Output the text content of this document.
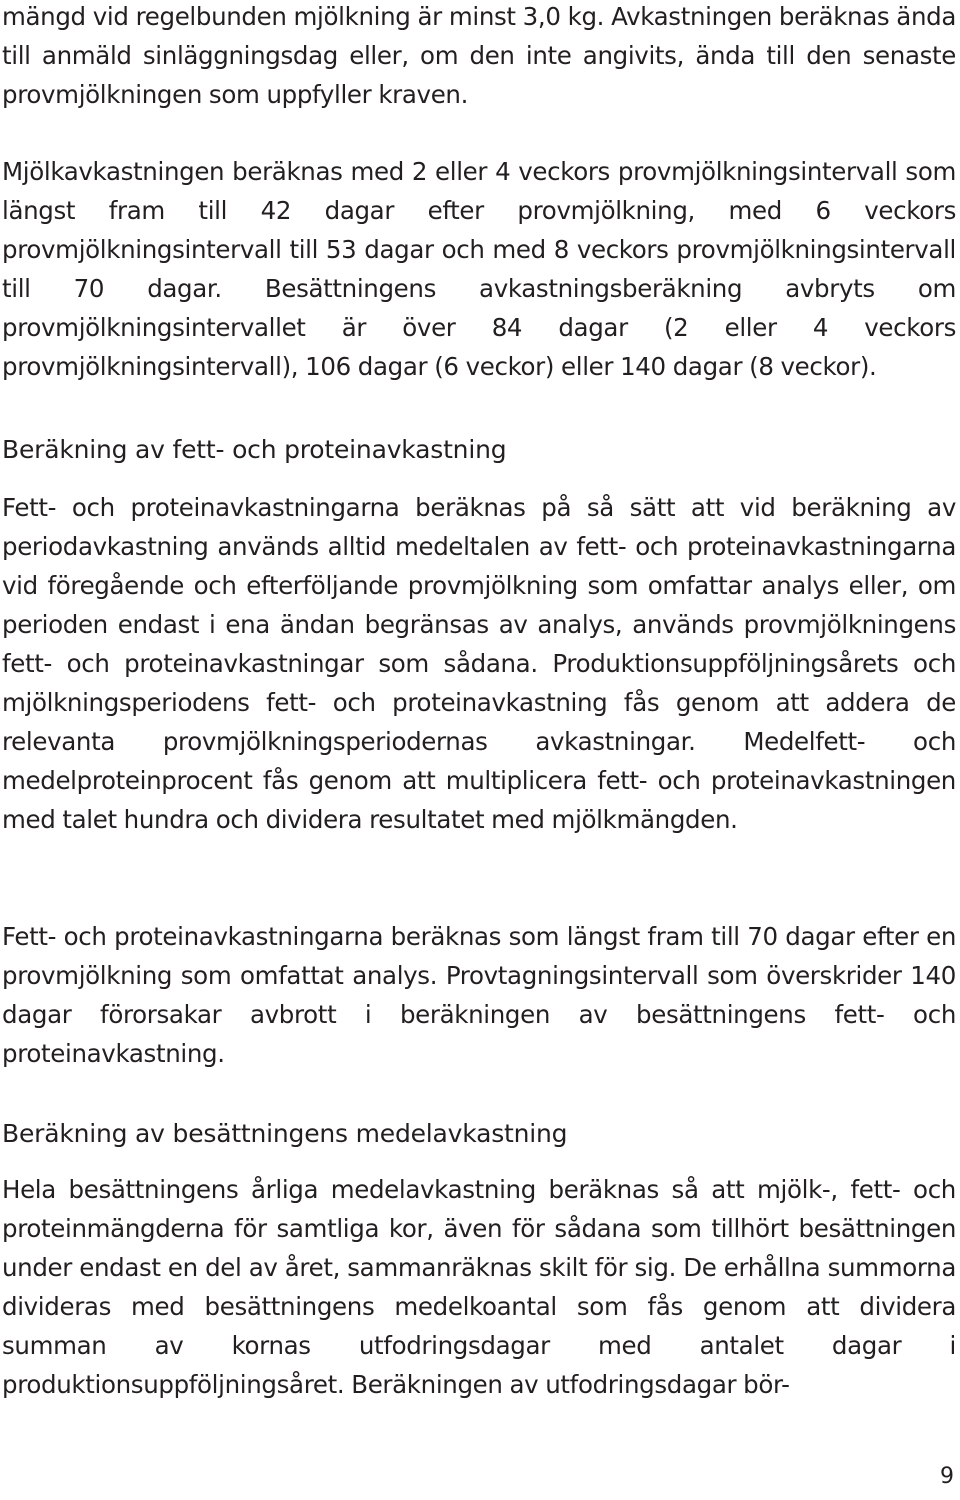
mängd vid regelbunden mjölkning är minst 3,0 kg. Avkastningen beräknas ända till anmäld sinläggningsdag eller, om den inte angivits, ända till den senaste provmjölkningen som uppfyller kraven.

Mjölkavkastningen beräknas med 2 eller 4 veckors provmjölkningsintervall som längst fram till 42 dagar efter provmjölkning, med 6 veckors provmjölkningsintervall till 53 dagar och med 8 veckors provmjölkningsintervall till 70 dagar. Besättningens avkastningsberäkning avbryts om provmjölkningsintervallet är över 84 dagar (2 eller 4 veckors provmjölkningsintervall), 106 dagar (6 veckor) eller 140 dagar (8 veckor).

Beräkning av fett- och proteinavkastning

Fett- och proteinavkastningarna beräknas på så sätt att vid beräkning av periodavkastning används alltid medeltalen av fett- och proteinavkastningarna vid föregående och efterföljande provmjölkning som omfattar analys eller, om perioden endast i ena ändan begränsas av analys, används provmjölkningens fett- och proteinavkastningar som sådana. Produktionsuppföljningsårets och mjölkningsperiodens fett- och proteinavkastning fås genom att addera de relevanta provmjölkningsperiodernas avkastningar. Medelfett- och medelproteinprocent fås genom att multiplicera fett- och proteinavkastningen med talet hundra och dividera resultatet med mjölkmängden.

Fett- och proteinavkastningarna beräknas som längst fram till 70 dagar efter en provmjölkning som omfattat analys. Provtagningsintervall som överskrider 140 dagar förorsakar avbrott i beräkningen av besättningens fett- och proteinavkastning.

Beräkning av besättningens medelavkastning

Hela besättningens årliga medelavkastning beräknas så att mjölk-, fett- och proteinmängderna för samtliga kor, även för sådana som tillhört besättningen under endast en del av året, sammanräknas skilt för sig. De erhållna summorna divideras med besättningens medelkoantal som fås genom att dividera summan av kornas utfodringsdagar med antalet dagar i produktionsuppföljningsåret. Beräkningen av utfodringsdagar bör-

9
